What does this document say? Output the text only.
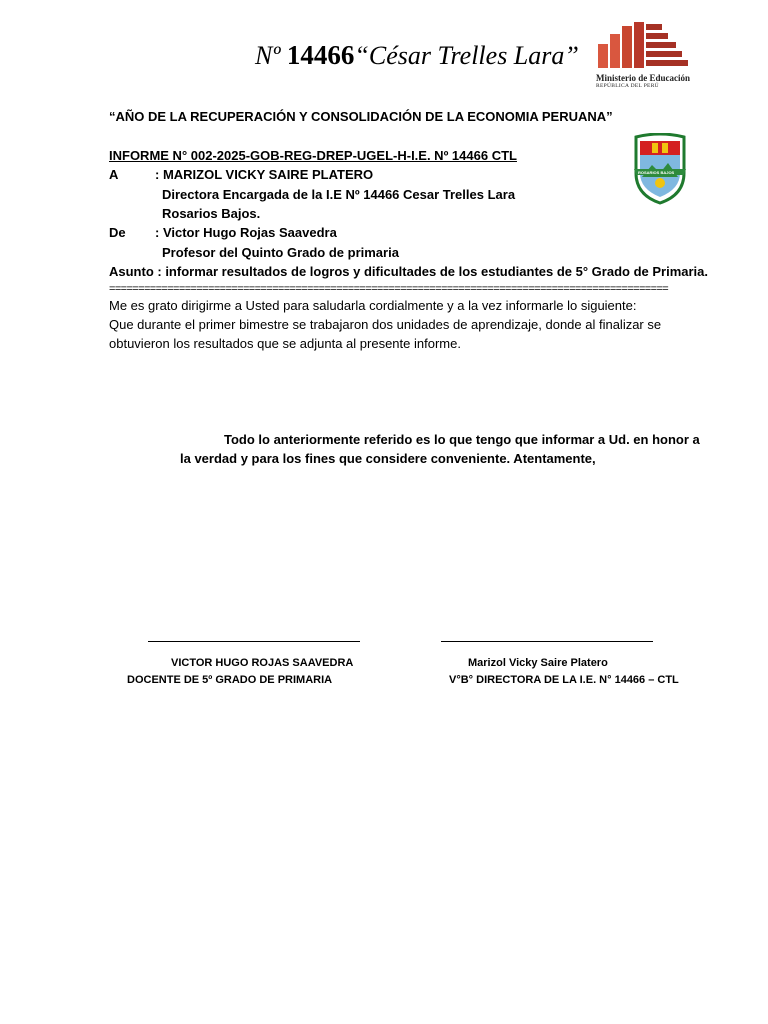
Nº 14466“César Trelles Lara”
Ministerio de Educación
REPÚBLICA DEL PERÚ
ROSARIOS BAJOS
“AÑO DE LA RECUPERACIÓN Y CONSOLIDACIÓN DE LA ECONOMIA PERUANA”
INFORME N° 002-2025-GOB-REG-DREP-UGEL-H-I.E. Nº 14466 CTL
A	: MARIZOL VICKY SAIRE PLATERO
Directora Encargada de la I.E Nº 14466 Cesar Trelles Lara
Rosarios Bajos.
De : Victor Hugo Rojas Saavedra
Profesor del Quinto Grado de primaria
Asunto : informar resultados de logros y dificultades de los estudiantes de 5° Grado de Primaria.
================================================================================================
Me es grato dirigirme a Usted para saludarla cordialmente y a la vez informarle lo siguiente:
Que durante el primer bimestre se trabajaron dos unidades de aprendizaje, donde al finalizar se
obtuvieron los resultados que se adjunta al presente informe.
Todo lo anteriormente referido es lo que tengo que informar a Ud. en honor a
la verdad y para los fines que considere conveniente. Atentamente,
VICTOR HUGO ROJAS SAAVEDRA
DOCENTE DE 5º GRADO DE PRIMARIA
Marizol Vicky Saire Platero
V°B° DIRECTORA DE LA I.E. N° 14466 – CTL
